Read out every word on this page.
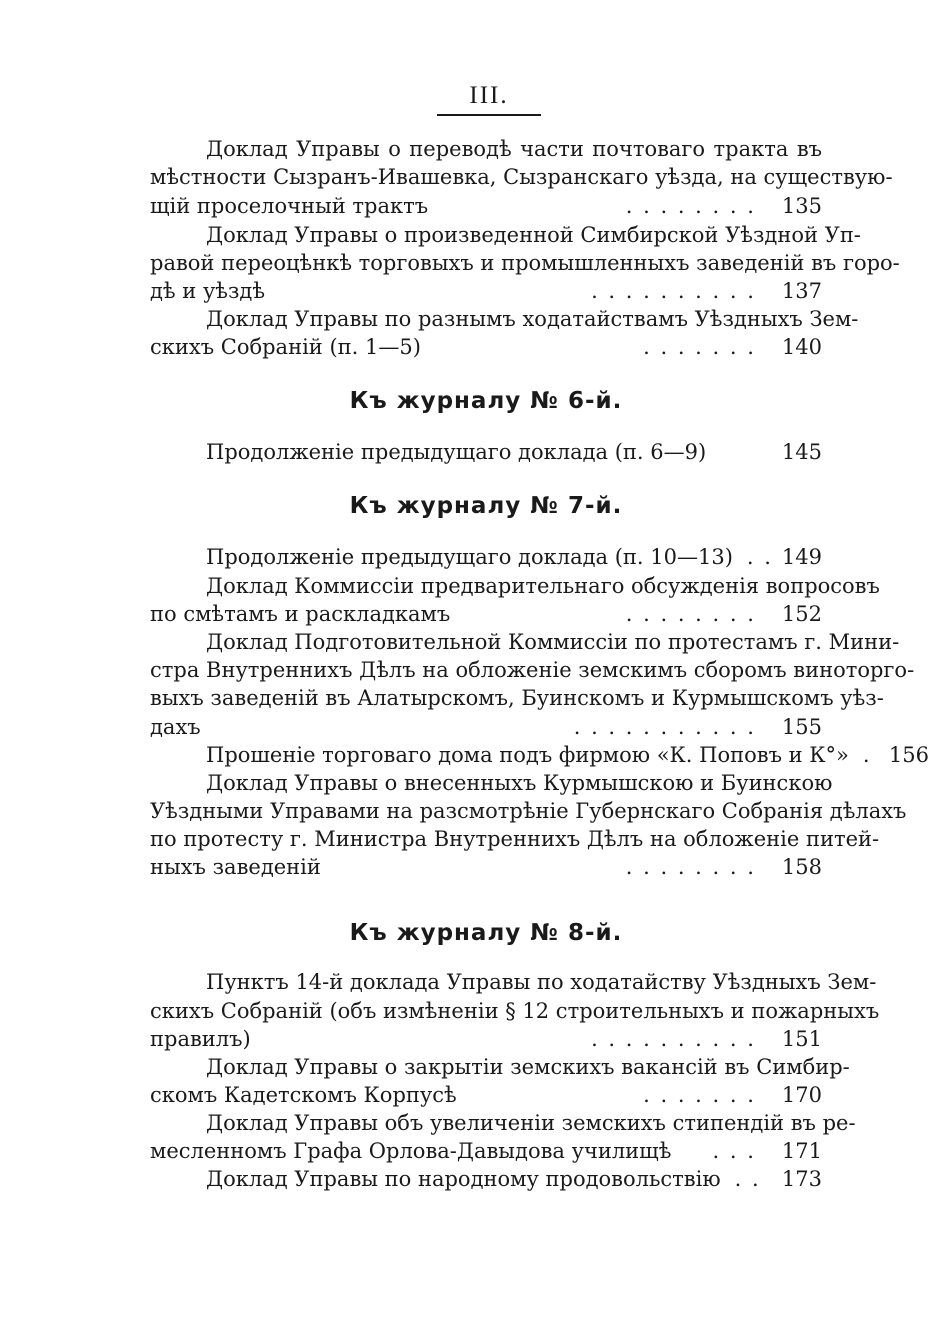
III.
Доклад Управы о переводѣ части почтоваго тракта въ
мѣстности Сызранъ-Ивашевка, Сызранскаго уѣзда, на существую-
щій проселочный трактъ	. . . . . . . .	135
Доклад Управы о произведенной Симбирской Уѣздной Уп-
равой переоцѣнкѣ торговыхъ и промышленныхъ заведеній въ горо-
дѣ и уѣздѣ	. . . . . . . . . .	137
Доклад Управы по разнымъ ходатайствамъ Уѣздныхъ Зем-
скихъ Собраній (п. 1—5)	. . . . . . .	140
Къ журналу № 6-й.
Продолженіе предыдущаго доклада (п. 6—9)	145
Къ журналу № 7-й.
Продолженіе предыдущаго доклада (п. 10—13) . . 149
Доклад Коммиссіи предварительнаго обсужденія вопросовъ
по смѣтамъ и раскладкамъ	. . . . . . . .	152
Доклад Подготовительной Коммиссіи по протестамъ г. Мини-
стра Внутреннихъ Дѣлъ на обложеніе земскимъ сборомъ виноторго-
выхъ заведеній въ Алатырскомъ, Буинскомъ и Курмышскомъ уѣз-
дахъ	. . . . . . . . . . .	155
Прошеніе торговаго дома подъ фирмою «К. Поповъ и К°» . 156
Доклад Управы о внесенныхъ Курмышскою и Буинскою
Уѣздными Управами на разсмотрѣніе Губернскаго Собранія дѣлахъ
по протесту г. Министра Внутреннихъ Дѣлъ на обложеніе питей-
ныхъ заведеній	. . . . . . . .	158
Къ журналу № 8-й.
Пунктъ 14-й доклада Управы по ходатайству Уѣздныхъ Зем-
скихъ Собраній (объ измѣненіи § 12 строительныхъ и пожарныхъ
правилъ)	. . . . . . . . . .	151
Доклад Управы о закрытіи земскихъ вакансій въ Симбир-
скомъ Кадетскомъ Корпусѣ	. . . . . . .	170
Доклад Управы объ увеличеніи земскихъ стипендій въ ре-
месленномъ Графа Орлова-Давыдова училищѣ	. . .	171
Доклад Управы по народному продовольствію . .	173
